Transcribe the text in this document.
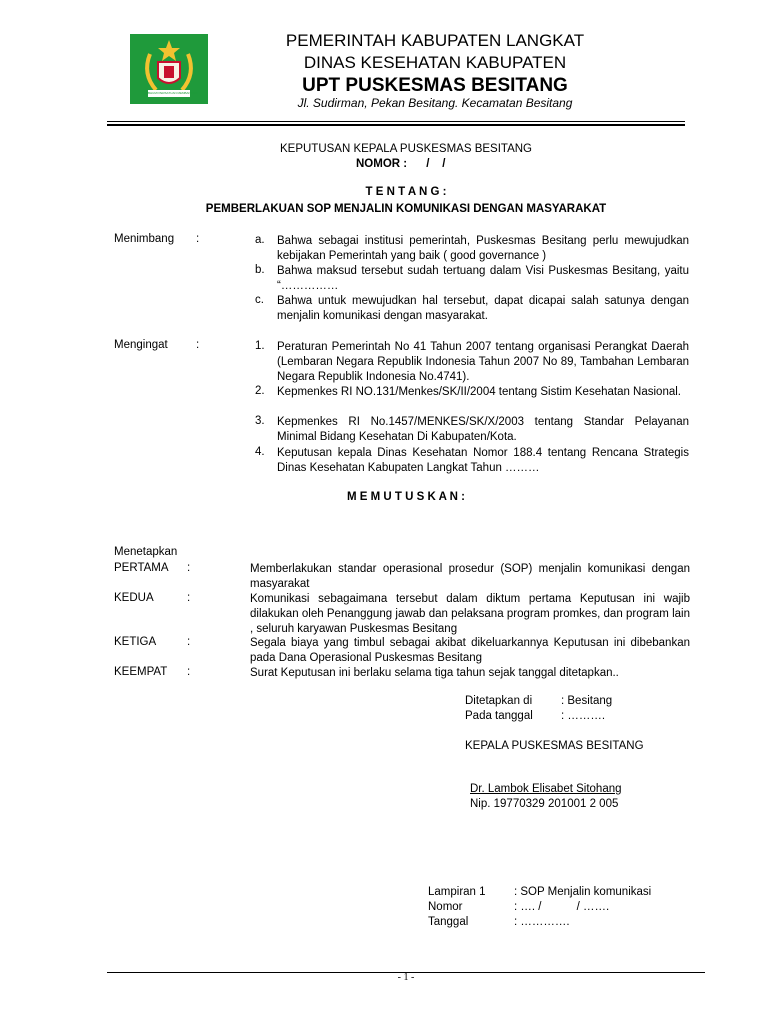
BHUMI PERSATUAN MEMBANGUN
PEMERINTAH KABUPATEN LANGKAT
DINAS KESEHATAN KABUPATEN
UPT PUSKESMAS BESITANG
Jl. Sudirman, Pekan Besitang. Kecamatan Besitang
KEPUTUSAN KEPALA PUSKESMAS BESITANG
NOMOR :      /    /
T E N T A N G :
PEMBERLAKUAN SOP MENJALIN KOMUNIKASI DENGAN MASYARAKAT
Menimbang :	a.	Bahwa sebagai institusi pemerintah, Puskesmas Besitang perlu mewujudkan kebijakan Pemerintah yang baik ( good governance )
b.	Bahwa maksud tersebut sudah tertuang dalam Visi Puskesmas Besitang, yaitu “……………
c.	Bahwa untuk mewujudkan hal tersebut, dapat dicapai salah satunya dengan menjalin komunikasi dengan masyarakat.
Mengingat :	1.	Peraturan Pemerintah No 41 Tahun 2007 tentang organisasi Perangkat Daerah (Lembaran Negara Republik Indonesia Tahun 2007 No 89, Tambahan Lembaran Negara Republik Indonesia No.4741).
2.	Kepmenkes RI NO.131/Menkes/SK/II/2004 tentang Sistim Kesehatan Nasional.
3.	Kepmenkes RI No.1457/MENKES/SK/X/2003 tentang Standar Pelayanan Minimal Bidang Kesehatan Di Kabupaten/Kota.
4.	Keputusan kepala Dinas Kesehatan Nomor 188.4 tentang Rencana Strategis Dinas Kesehatan Kabupaten Langkat Tahun ………
M E M U T U S K A N :
Menetapkan
PERTAMA :	Memberlakukan standar operasional prosedur (SOP) menjalin komunikasi dengan masyarakat
KEDUA	:	Komunikasi sebagaimana tersebut dalam diktum pertama Keputusan ini wajib dilakukan oleh Penanggung jawab dan pelaksana program promkes, dan program lain , seluruh karyawan Puskesmas Besitang
KETIGA	:	Segala biaya yang timbul sebagai akibat dikeluarkannya Keputusan ini dibebankan pada Dana Operasional Puskesmas Besitang
KEEMPAT :	Surat Keputusan ini berlaku selama tiga tahun sejak tanggal ditetapkan..
Ditetapkan di	: Besitang
Pada tanggal : ……….
KEPALA PUSKESMAS BESITANG
Dr. Lambok Elisabet Sitohang
Nip. 19770329 201001 2 005
Lampiran 1 : SOP Menjalin komunikasi
Nomor	: …. /           / …….
Tanggal	: ………….
- 1 -
